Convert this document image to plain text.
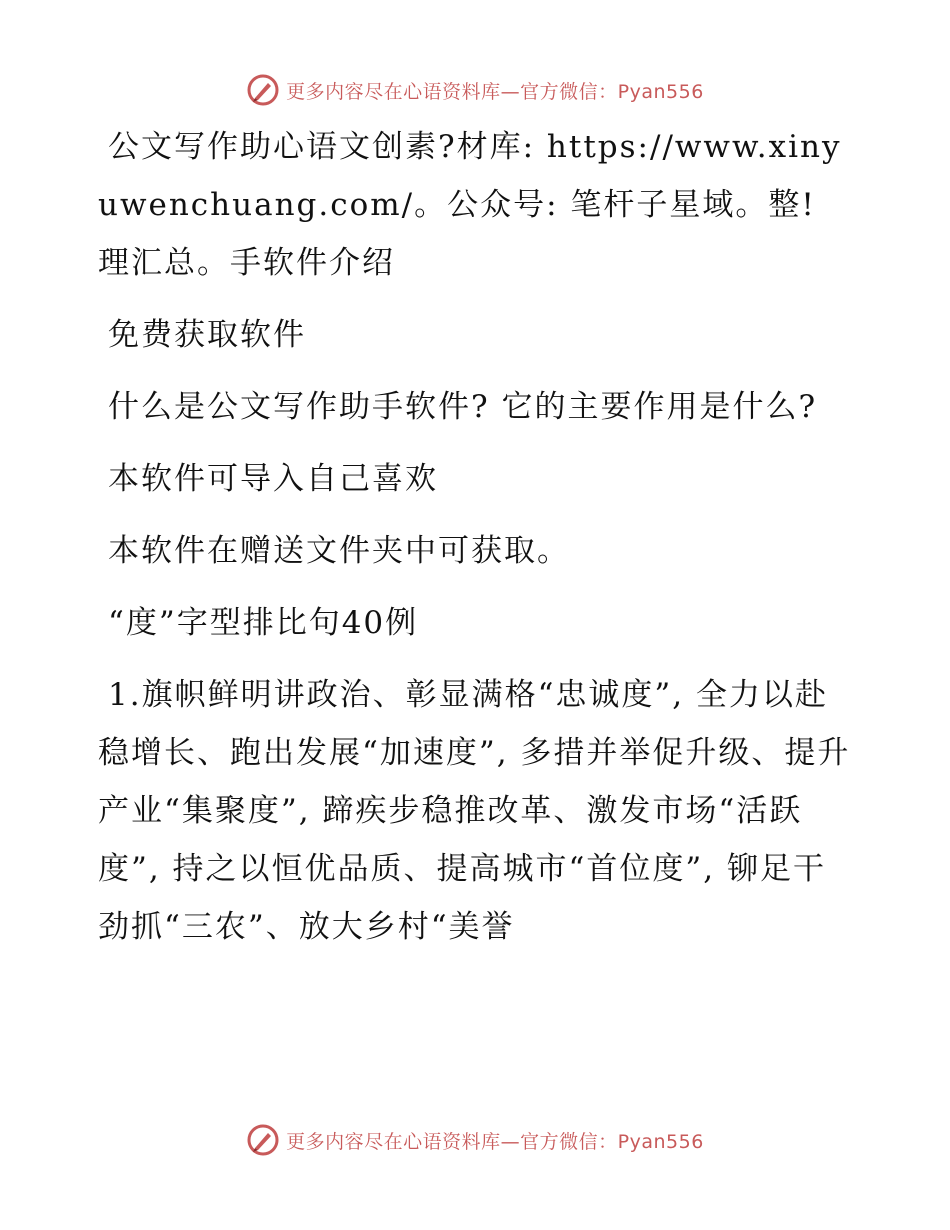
更多内容尽在心语资料库—官方微信：Pyan556

公文写作助心语文创素?材库: https://www.xinyuwenchuang.com/。公众号: 笔杆子星域。整! 理汇总。手软件介绍

免费获取软件

什么是公文写作助手软件? 它的主要作用是什么?

本软件可导入自己喜欢

本软件在赠送文件夹中可获取。

“度”字型排比句40例

1.旗帜鲜明讲政治、彰显满格“忠诚度”, 全力以赴稳增长、跑出发展“加速度”, 多措并举促升级、提升产业“集聚度”, 蹄疾步稳推改革、激发市场“活跃度”, 持之以恒优品质、提高城市“首位度”, 铆足干劲抓“三农”、放大乡村“美誉

更多内容尽在心语资料库—官方微信：Pyan556
